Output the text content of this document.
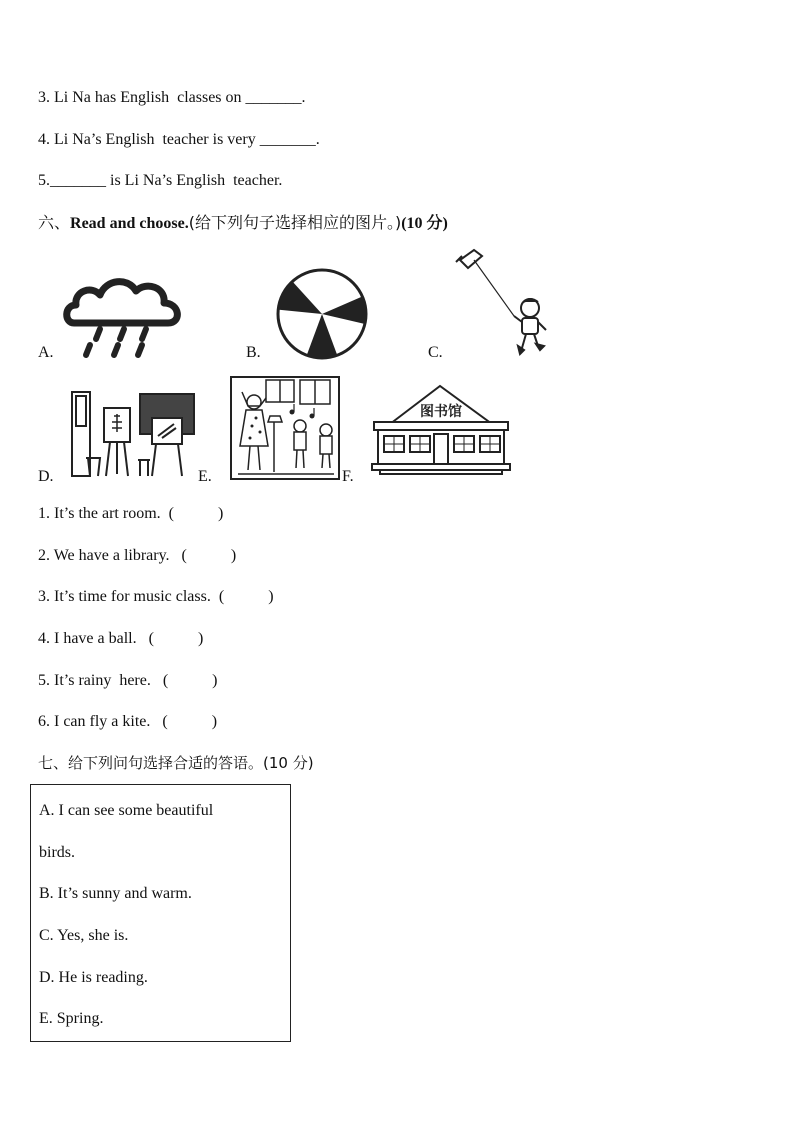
3. Li Na has English  classes on _______.
4. Li Na’s English  teacher is very _______.
5._______ is Li Na’s English  teacher.
六、Read and choose.(给下列句子选择相应的图片。)(10 分)
A.	B.	C.
D.	E.
图书馆
F.
1. It’s the art room.  (           )
2. We have a library.   (           )
3. It’s time for music class.  (           )
4. I have a ball.   (           )
5. It’s rainy  here.   (           )
6. I can fly a kite.   (           )
七、给下列问句选择合适的答语。(10 分)
A. I can see some beautiful
birds.
B. It’s sunny and warm.
C. Yes, she is.
D. He is reading.
E. Spring.
